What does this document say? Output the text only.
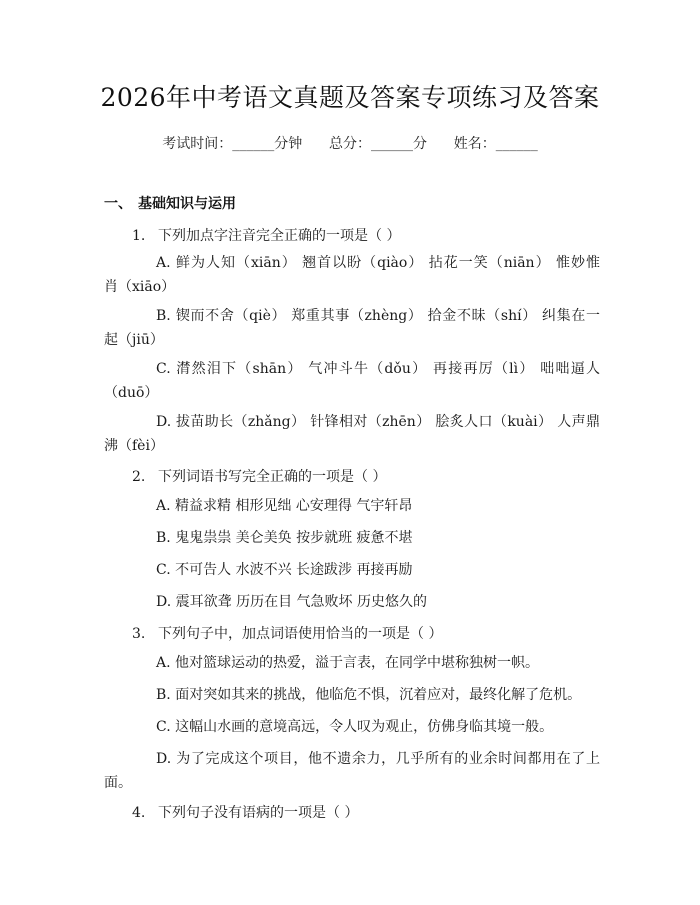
2026年中考语文真题及答案专项练习及答案
考试时间：______分钟 总分：______分 姓名：______
一、 基础知识与运用
1. 下列加点字注音完全正确的一项是（ ）
A. 鲜为人知（xiān） 翘首以盼（qiào） 拈花一笑（niān） 惟妙惟
肖（xiāo）
B. 锲而不舍（qiè） 郑重其事（zhèng） 拾金不昧（shí） 纠集在一
起（jiū）
C. 潸然泪下（shān） 气冲斗牛（dǒu） 再接再厉（lì） 咄咄逼人
（duō）
D. 拔苗助长（zhǎng） 针锋相对（zhēn） 脍炙人口（kuài） 人声鼎
沸（fèi）
2. 下列词语书写完全正确的一项是（ ）
A. 精益求精 相形见绌 心安理得 气宇轩昂
B. 鬼鬼祟祟 美仑美奂 按步就班 疲惫不堪
C. 不可告人 水波不兴 长途跋涉 再接再励
D. 震耳欲聋 历历在目 气急败坏 历史悠久的
3. 下列句子中，加点词语使用恰当的一项是（ ）
A. 他对篮球运动的热爱，溢于言表，在同学中堪称独树一帜。
B. 面对突如其来的挑战，他临危不惧，沉着应对，最终化解了危机。
C. 这幅山水画的意境高远，令人叹为观止，仿佛身临其境一般。
D. 为了完成这个项目，他不遗余力，几乎所有的业余时间都用在了上
面。
4. 下列句子没有语病的一项是（ ）
